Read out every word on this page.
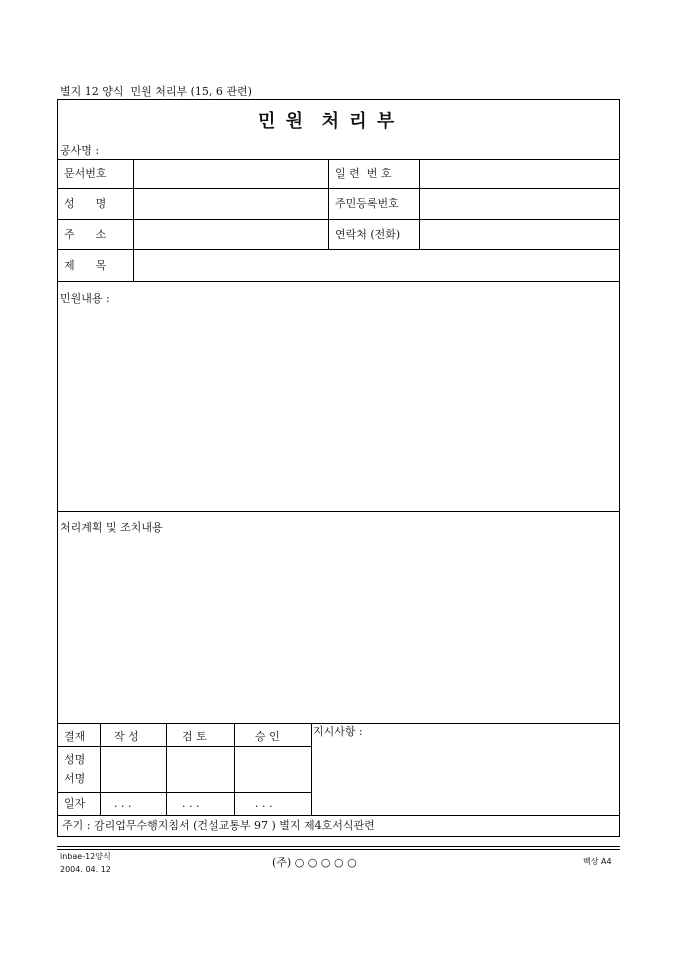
별지 12 양식  민원 처리부 (15, 6 관련)
민 원  처 리 부
공사명 :
문서번호	일 련  번 호
성      명	주민등록번호
주      소	연락처 (전화)
제      목
민원내용 :
처리계획 및 조치내용
결재	작 성	검 토	승 인	지시사항 :
성명
서명
일자	. . .	. . .	. . .
주기 : 감리업무수행지침서 (건설교통부 97 ) 별지 제4호서식관련
inbae-12양식
2004. 04. 12
(주) ○ ○ ○ ○ ○	백상 A4
